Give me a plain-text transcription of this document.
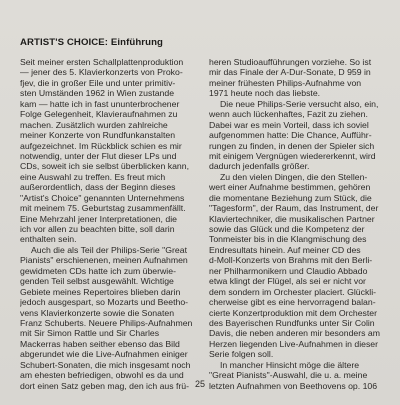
ARTIST'S CHOICE: Einführung
Seit meiner ersten Schallplattenproduktion
— jener des 5. Klavierkonzerts von Proko-
fjev, die in großer Eile und unter primitiv-
sten Umständen 1962 in Wien zustande
kam — hatte ich in fast ununterbrochener
Folge Gelegenheit, Klavieraufnahmen zu
machen. Zusätzlich wurden zahlreiche
meiner Konzerte von Rundfunkanstalten
aufgezeichnet. Im Rückblick schien es mir
notwendig, unter der Flut dieser LPs und
CDs, soweit ich sie selbst überblicken kann,
eine Auswahl zu treffen. Es freut mich
außerordentlich, dass der Beginn dieses
"Artist's Choice" genannten Unternehmens
mit meinem 75. Geburtstag zusammenfällt.
Eine Mehrzahl jener Interpretationen, die
ich vor allen zu beachten bitte, soll darin
enthalten sein.
Auch die als Teil der Philips-Serie "Great
Pianists" erschienenen, meinen Aufnahmen
gewidmeten CDs hatte ich zum überwie-
genden Teil selbst ausgewählt. Wichtige
Gebiete meines Repertoires blieben darin
jedoch ausgespart, so Mozarts und Beetho-
vens Klavierkonzerte sowie die Sonaten
Franz Schuberts. Neuere Philips-Aufnahmen
mit Sir Simon Rattle und Sir Charles
Mackerras haben seither ebenso das Bild
abgerundet wie die Live-Aufnahmen einiger
Schubert-Sonaten, die mich insgesamt noch
am ehesten befriedigen, obwohl es da und
dort einen Satz geben mag, den ich aus frü-
heren Studioaufführungen vorziehe. So ist
mir das Finale der A-Dur-Sonate, D 959 in
meiner frühesten Philips-Aufnahme von
1971 heute noch das liebste.
Die neue Philips-Serie versucht also, ein,
wenn auch lückenhaftes, Fazit zu ziehen.
Dabei war es mein Vorteil, dass ich soviel
aufgenommen hatte: Die Chance, Aufführ-
rungen zu finden, in denen der Spieler sich
mit einigem Vergnügen wiedererkennt, wird
dadurch jedenfalls größer.
Zu den vielen Dingen, die den Stellen-
wert einer Aufnahme bestimmen, gehören
die momentane Beziehung zum Stück, die
"Tagesform", der Raum, das Instrument, der
Klaviertechniker, die musikalischen Partner
sowie das Glück und die Kompetenz der
Tonmeister bis in die Klangmischung des
Endresultats hinein. Auf meiner CD des
d-Moll-Konzerts von Brahms mit den Berli-
ner Philharmonikern und Claudio Abbado
etwa klingt der Flügel, als sei er nicht vor
dem sondern im Orchester placiert. Glückli-
cherweise gibt es eine hervorragend balan-
cierte Konzertproduktion mit dem Orchester
des Bayerischen Rundfunks unter Sir Colin
Davis, die neben anderen mir besonders am
Herzen liegenden Live-Aufnahmen in dieser
Serie folgen soll.
In mancher Hinsicht möge die ältere
"Great Pianists"-Auswahl, die u. a. meine
letzten Aufnahmen von Beethovens op. 106
25
